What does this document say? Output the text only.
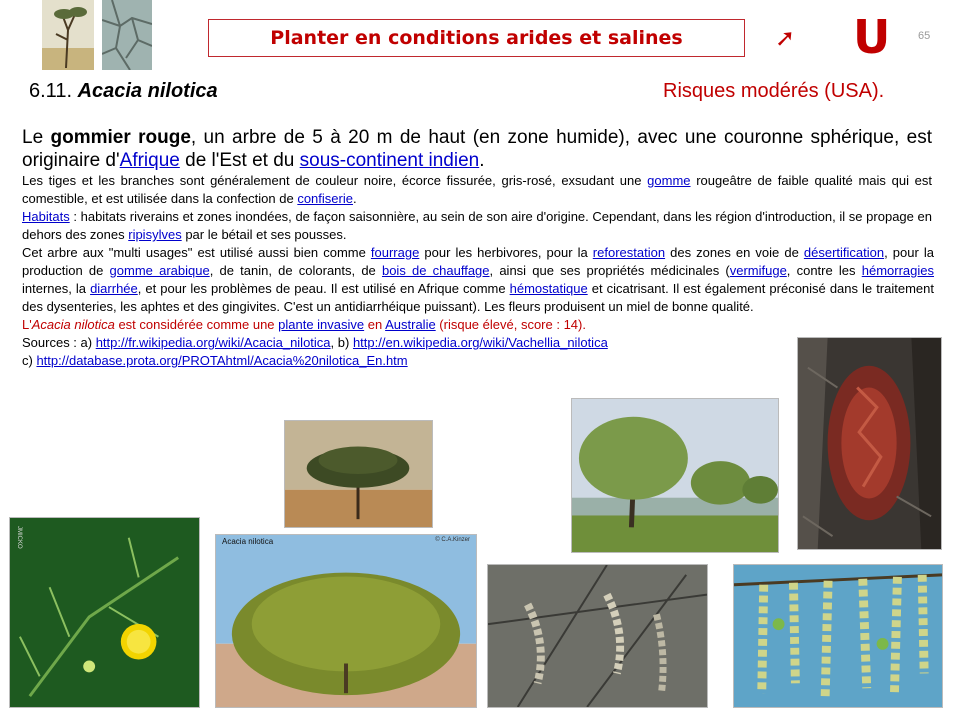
Planter en conditions arides et salines	➚ U	65
6.11. Acacia nilotica	Risques modérés (USA).

Le gommier rouge, un arbre de 5 à 20 m de haut (en zone humide), avec une couronne sphérique, est originaire d'Afrique de l'Est et du sous-continent indien.

Les tiges et les branches sont généralement de couleur noire, écorce fissurée, gris-rosé, exsudant une gomme rougeâtre de faible qualité mais qui est comestible, et est utilisée dans la confection de confiserie.

Habitats : habitats riverains et zones inondées, de façon saisonnière, au sein de son aire d'origine. Cependant, dans les région d'introduction, il se propage en dehors des zones ripisylves par le bétail et ses pousses.

Cet arbre aux "multi usages" est utilisé aussi bien comme fourrage pour les herbivores, pour la reforestation des zones en voie de désertification, pour la production de gomme arabique, de tanin, de colorants, de bois de chauffage, ainsi que ses propriétés médicinales (vermifuge, contre les hémorragies internes, la diarrhée, et pour les problèmes de peau. Il est utilisé en Afrique comme hémostatique et cicatrisant. Il est également préconisé dans le traitement des dysenteries, les aphtes et des gingivites. C'est un antidiarrhéique puissant). Les fleurs produisent un miel de bonne qualité.

L'Acacia nilotica est considérée comme une plante invasive en Australie (risque élevé, score : 14).

Sources : a) http://fr.wikipedia.org/wiki/Acacia_nilotica, b) http://en.wikipedia.org/wiki/Vachellia_nilotica
c) http://database.prota.org/PROTAhtml/Acacia%20nilotica_En.htm

JMICKO	Acacia nilotica	© C.A.Kinzer
